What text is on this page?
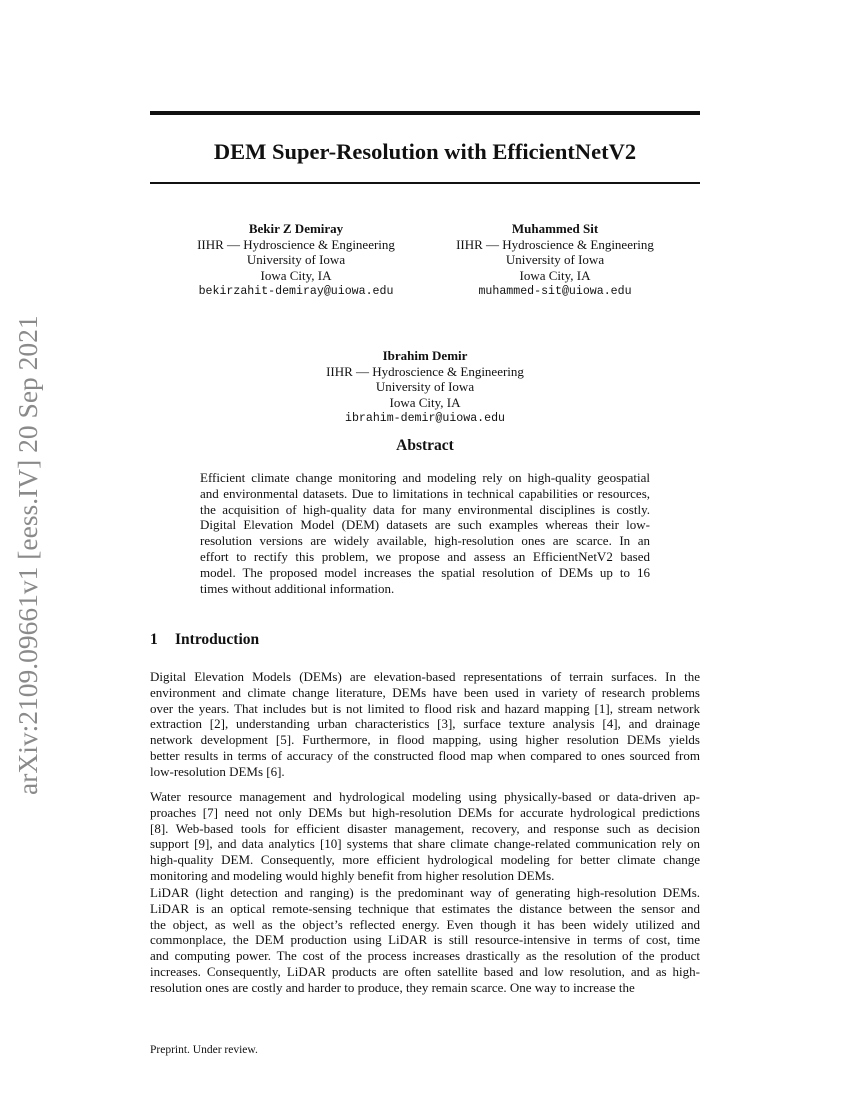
arXiv:2109.09661v1 [eess.IV] 20 Sep 2021
DEM Super-Resolution with EfficientNetV2
Bekir Z Demiray
IIHR — Hydroscience & Engineering
University of Iowa
Iowa City, IA
bekirzahit-demiray@uiowa.edu
Muhammed Sit
IIHR — Hydroscience & Engineering
University of Iowa
Iowa City, IA
muhammed-sit@uiowa.edu
Ibrahim Demir
IIHR — Hydroscience & Engineering
University of Iowa
Iowa City, IA
ibrahim-demir@uiowa.edu
Abstract
Efficient climate change monitoring and modeling rely on high-quality geospatial
and environmental datasets. Due to limitations in technical capabilities or resources,
the acquisition of high-quality data for many environmental disciplines is costly.
Digital Elevation Model (DEM) datasets are such examples whereas their low-
resolution versions are widely available, high-resolution ones are scarce. In an
effort to rectify this problem, we propose and assess an EfficientNetV2 based
model. The proposed model increases the spatial resolution of DEMs up to 16
times without additional information.
1 Introduction
Digital Elevation Models (DEMs) are elevation-based representations of terrain surfaces. In the
environment and climate change literature, DEMs have been used in variety of research problems
over the years. That includes but is not limited to flood risk and hazard mapping [1], stream network
extraction [2], understanding urban characteristics [3], surface texture analysis [4], and drainage
network development [5]. Furthermore, in flood mapping, using higher resolution DEMs yields
better results in terms of accuracy of the constructed flood map when compared to ones sourced from
low-resolution DEMs [6].
Water resource management and hydrological modeling using physically-based or data-driven ap-
proaches [7] need not only DEMs but high-resolution DEMs for accurate hydrological predictions
[8]. Web-based tools for efficient disaster management, recovery, and response such as decision
support [9], and data analytics [10] systems that share climate change-related communication rely on
high-quality DEM. Consequently, more efficient hydrological modeling for better climate change
monitoring and modeling would highly benefit from higher resolution DEMs.
LiDAR (light detection and ranging) is the predominant way of generating high-resolution DEMs.
LiDAR is an optical remote-sensing technique that estimates the distance between the sensor and
the object, as well as the object’s reflected energy. Even though it has been widely utilized and
commonplace, the DEM production using LiDAR is still resource-intensive in terms of cost, time
and computing power. The cost of the process increases drastically as the resolution of the product
increases. Consequently, LiDAR products are often satellite based and low resolution, and as high-
resolution ones are costly and harder to produce, they remain scarce. One way to increase the
Preprint. Under review.
